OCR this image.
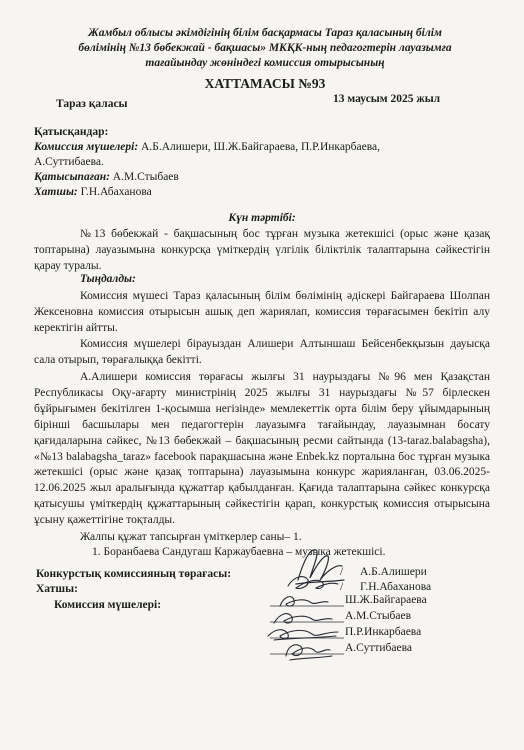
Жамбыл облысы әкімдігінің білім басқармасы Тараз қаласының білім
бөлімінің №13 бөбекжай - бақшасы» МКҚК-ның педагогтерін лауазымға
тағайындау жөніндегі комиссия отырысының
ХАТТАМАСЫ №93
Тараз қаласы	13 маусым 2025 жыл
Қатысқандар:
Комиссия мүшелері: А.Б.Алишери, Ш.Ж.Байгараева, П.Р.Инкарбаева,
А.Суттибаева.
Қатысыпаған: А.М.Стыбаев
Хатшы: Г.Н.Абаханова
Күн тәртібі:
№13 бөбекжай - бақшасының бос тұрған музыка жетекшісі (орыс және қазақ топтарына) лауазымына конкурсқа үміткердің үлгілік біліктілік талаптарына сәйкестігін қарау туралы.
Тыңдалды:
Комиссия мүшесі Тараз қаласының білім бөлімінің әдіскері Байгараева Шолпан Жексеновна комиссия отырысын ашық деп жариялап, комиссия төрағасымен бекітіп алу керектігін айтты.
Комиссия мүшелері бірауыздан Алишери Алтыншаш Бейсенбекқызын дауысқа сала отырып, төрағалыққа бекітті.
А.Алишери комиссия төрағасы жылғы 31 наурыздағы №96 мен Қазақстан Республикасы Оқу-ағарту министрінің 2025 жылғы 31 наурыздағы №57 бірлескен бұйрығымен бекітілген 1-қосымша негізінде» мемлекеттік орта білім беру ұйымдарының бірінші басшылары мен педагогтерін лауазымға тағайындау, лауазымнан босату қағидаларына сәйкес, №13 бөбекжай – бақшасының ресми сайтында (13-taraz.balabagsha), «№13 balabagsha_taraz» facebook парақшасына және Enbek.kz порталына бос тұрған музыка жетекшісі (орыс және қазақ топтарына) лауазымына конкурс жарияланған, 03.06.2025-12.06.2025 жыл аралығында құжаттар қабылданған. Қағида талаптарына сәйкес конкурсқа қатысушы үміткердің құжаттарының сәйкестігін қарап, конкурстық комиссия отырысына ұсыну қажеттігіне тоқталды.
Жалпы құжат тапсырған үміткерлер саны– 1.
1. Боранбаева Сандугаш Каржаубаевна – музыка жетекшісі.
Конкурстық комиссияның төрағасы:	/ А.Б.Алишери
Хатшы:	/ Г.Н.Абаханова
Комиссия мүшелері:	Ш.Ж.Байгараева
А.М.Стыбаев
П.Р.Инкарбаева
А.Суттибаева
